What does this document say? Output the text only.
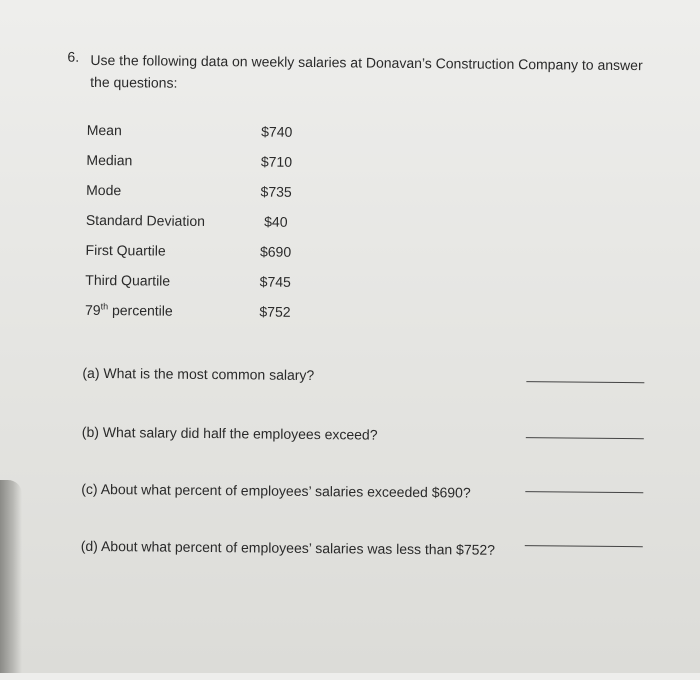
6. Use the following data on weekly salaries at Donavan’s Construction Company to answer the questions:
Mean	$740
Median	$710
Mode	$735
Standard Deviation	$40
First Quartile	$690
Third Quartile	$745
79th percentile	$752
(a) What is the most common salary?
(b) What salary did half the employees exceed?
(c) About what percent of employees’ salaries exceeded $690?
(d) About what percent of employees’ salaries was less than $752?
